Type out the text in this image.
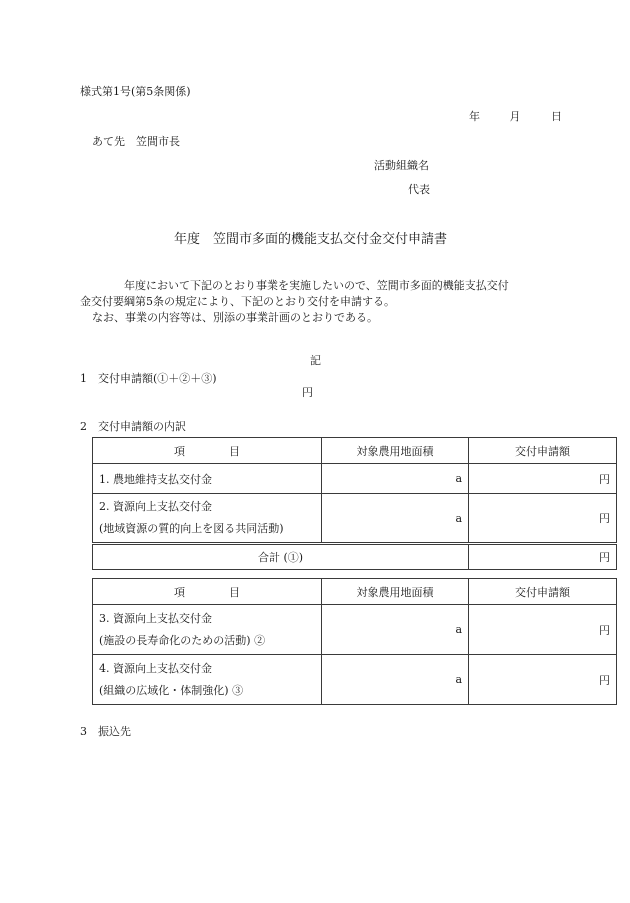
様式第1号(第5条関係)
年	月	日
あて先　笠間市長
活動組織名
代表
年度　笠間市多面的機能支払交付金交付申請書
年度において下記のとおり事業を実施したいので、笠間市多面的機能支払交付
金交付要綱第5条の規定により、下記のとおり交付を申請する。
なお、事業の内容等は、別添の事業計画のとおりである。
記
1　交付申請額(①＋②＋③)
円
2　交付申請額の内訳
項 目	対象農用地面積	交付申請額
1. 農地維持支払交付金	a	円

2. 資源向上支払交付金
(地域資源の質的向上を図る共同活動)	a	円
合計 (①)		円
項 目	対象農用地面積	交付申請額

3. 資源向上支払交付金
(施設の長寿命化のための活動) ②	a	円

4. 資源向上支払交付金
(組織の広域化・体制強化) ③	a	円
3　振込先
